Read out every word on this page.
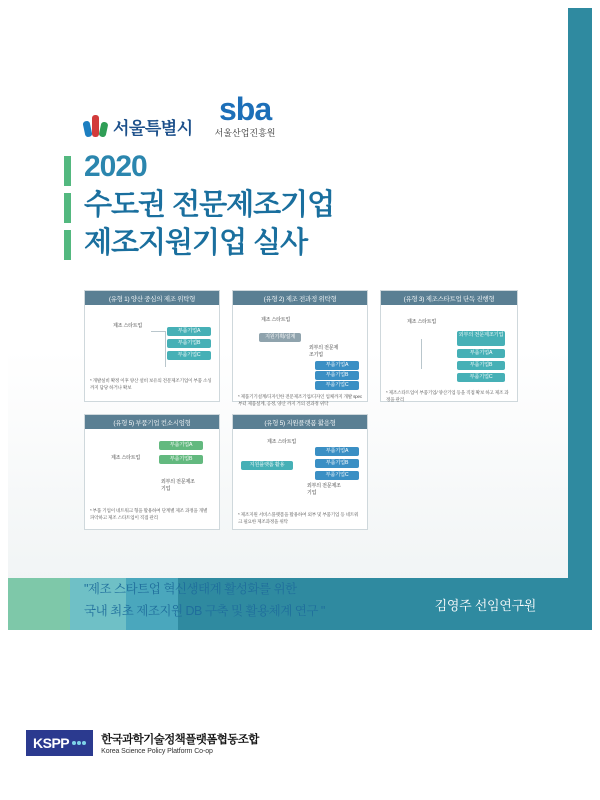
서울특별시
sba
서울산업진흥원
2020
수도권 전문제조기업
제조지원기업 실사
(유형 1) 양산 중심의 제조 위탁형
제조 스타트업
부품기업A
부품기업B
부품기업C
* 개발실비 확정 이후 양산 설비 보유의 전문제조기업이 부품 소싱 까지 담당 하거나 확보
(유형 2) 제조 전과정 위탁형
제조 스타트업
지원기획/설계
외부의 전문제조기업
부품기업A
부품기업B
부품기업C
* 제품기기설계/디자인한 전문제조기업/디자인 업체까지 개발 spec 부터 제품설계, 공정, 양산 까지 거의 전과정 위탁
(유형 3) 제조스타트업 단독 진행형
제조 스타트업
외부의 전문제조기업
부품기업A
부품기업B
부품기업C
* 제조스타트업이 부품기업/ 양산기업 등을 직접 확보 하고 제조 과정을 관리
(유형 5) 부품기업 컨소시엄형
제조 스타트업
부품기업A
부품기업B
외부의 전문제조기업
* 부품 기업이 네트워크 형을 활용하여 단계별 제조 과정을 개별 파악하고 제조 스타트업이 직접 관리
(유형 5) 지원플랫폼 활용형
제조 스타트업
지원플랫폼 활용
부품기업A
부품기업B
부품기업C
외부의 전문제조기업
* 제조지원 서비스플랫폼을 활용하여 외부 및 부품기업 등 네트워크 필요한 제조과정을 위탁
"제조 스타트업 혁신생태계 활성화를 위한
국내 최초 제조지원 DB 구축 및 활용체계 연구 "	김영주 선임연구원
KSPP	한국과학기술정책플랫폼협동조합
Korea Science Policy Platform Co-op
